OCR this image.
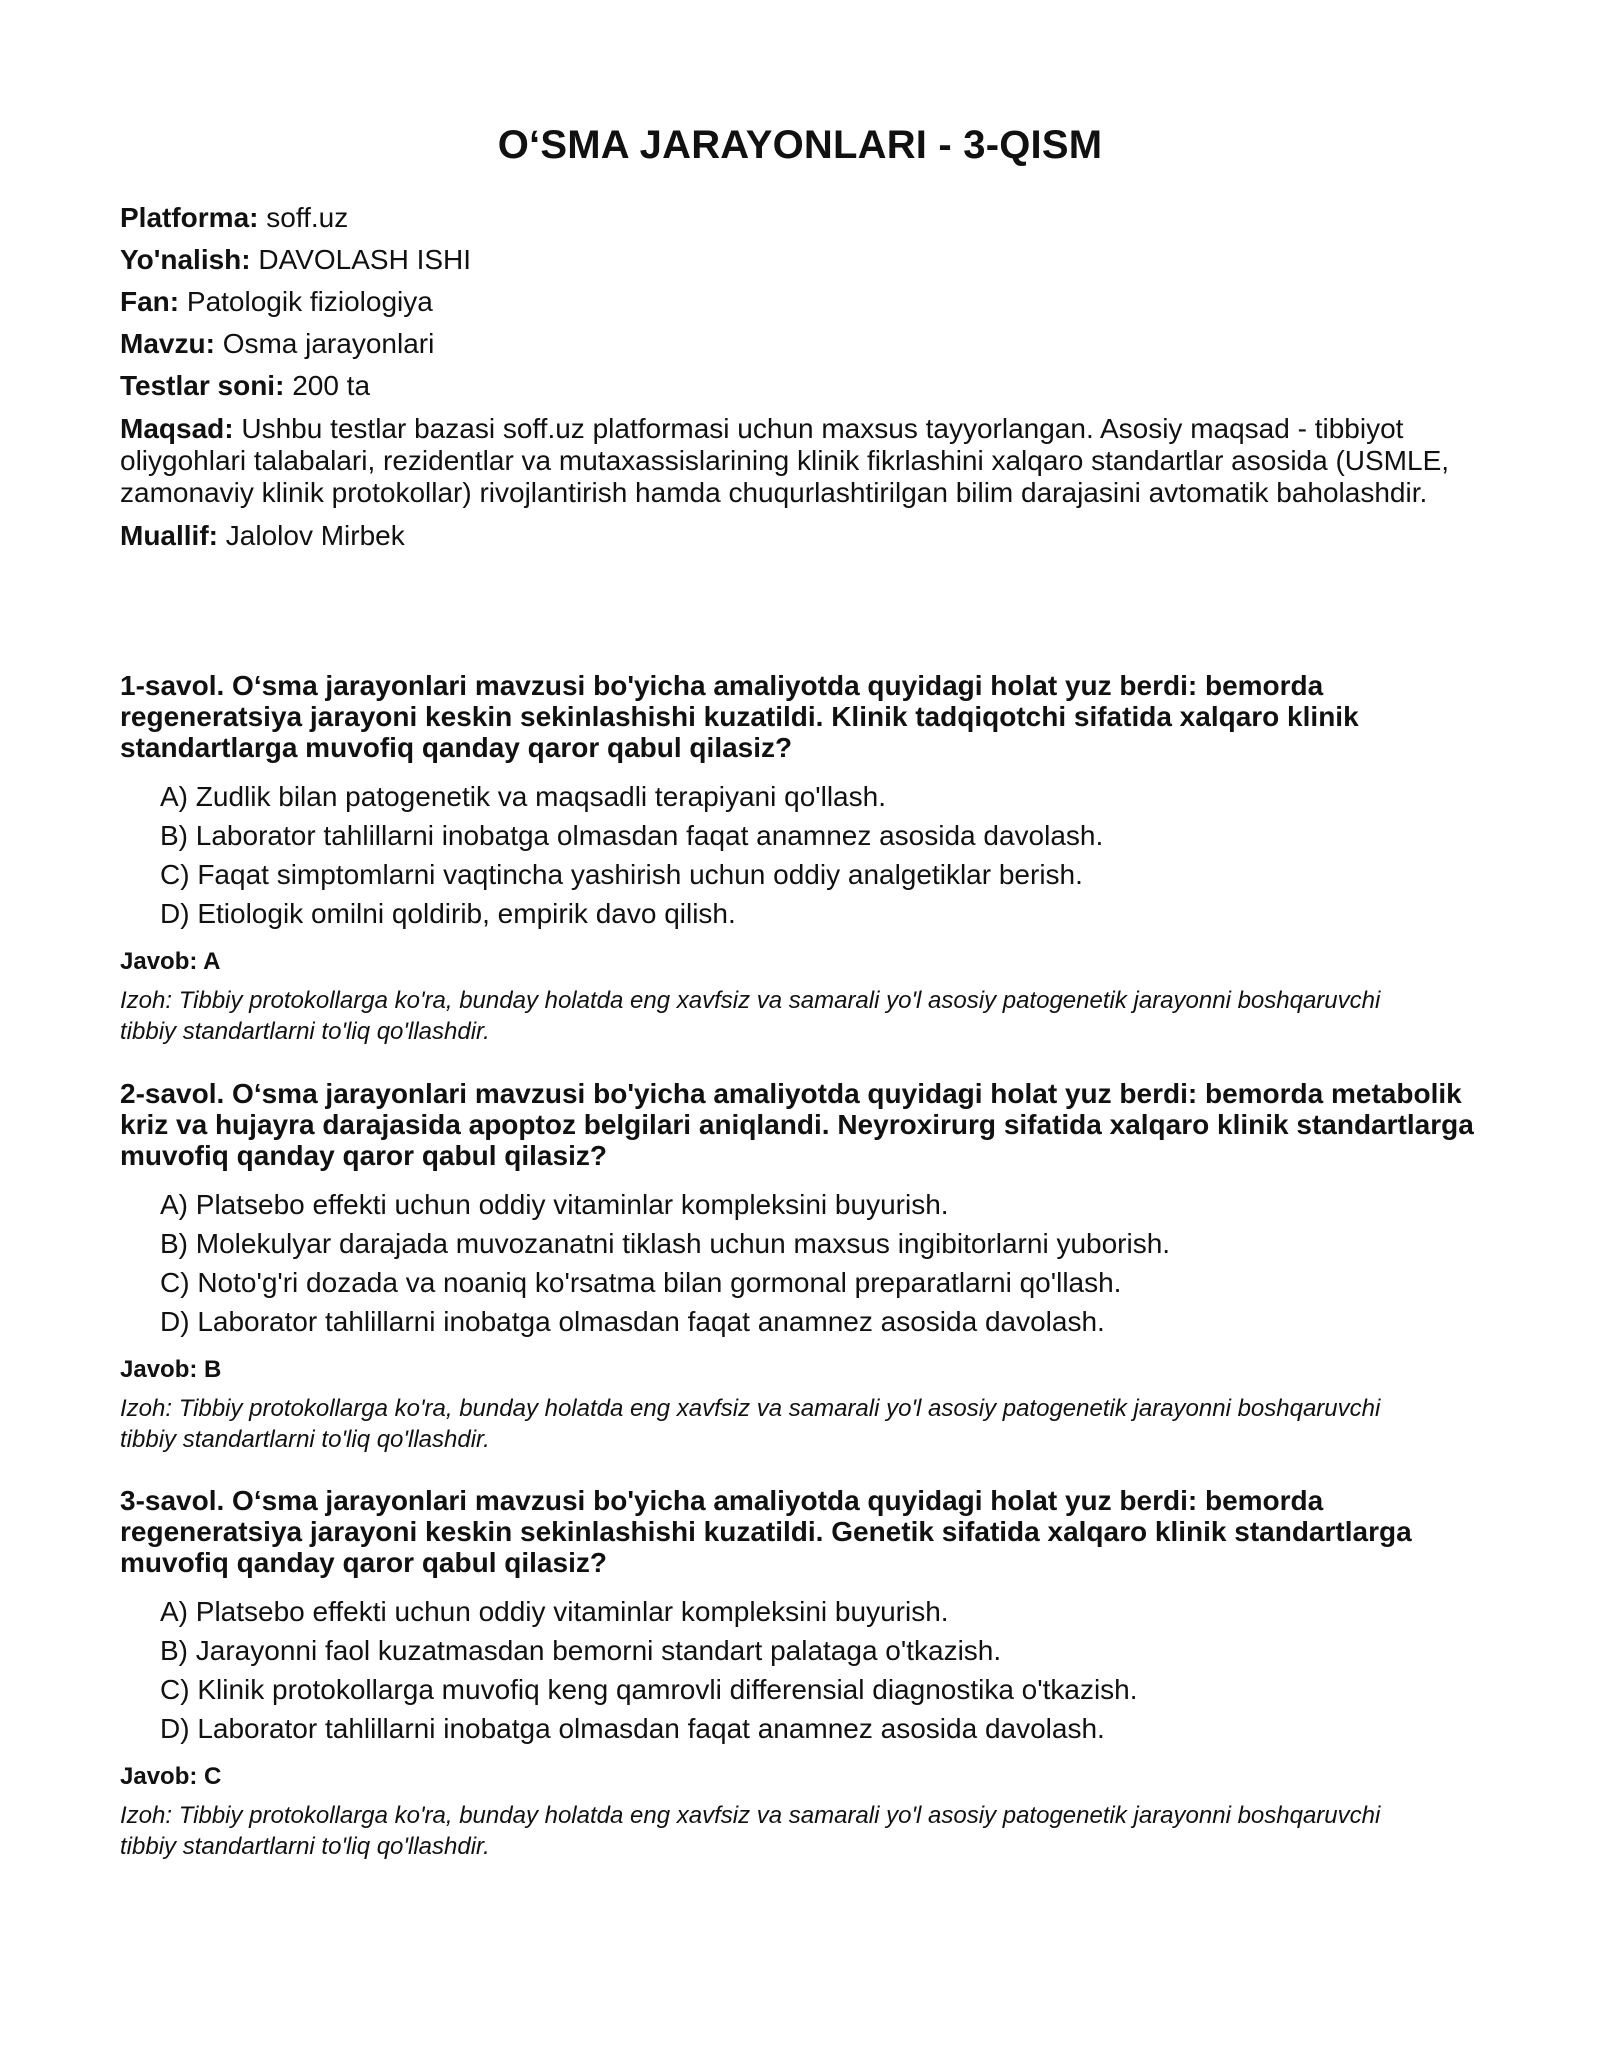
O‘SMA JARAYONLARI - 3-QISM

Platforma: soff.uz

Yo'nalish: DAVOLASH ISHI

Fan: Patologik fiziologiya

Mavzu: Osma jarayonlari

Testlar soni: 200 ta

Maqsad: Ushbu testlar bazasi soff.uz platformasi uchun maxsus tayyorlangan. Asosiy maqsad - tibbiyot oliygohlari talabalari, rezidentlar va mutaxassislarining klinik fikrlashini xalqaro standartlar asosida (USMLE, zamonaviy klinik protokollar) rivojlantirish hamda chuqurlashtirilgan bilim darajasini avtomatik baholashdir.

Muallif: Jalolov Mirbek

1-savol. O‘sma jarayonlari mavzusi bo'yicha amaliyotda quyidagi holat yuz berdi: bemorda regeneratsiya jarayoni keskin sekinlashishi kuzatildi. Klinik tadqiqotchi sifatida xalqaro klinik standartlarga muvofiq qanday qaror qabul qilasiz?

A) Zudlik bilan patogenetik va maqsadli terapiyani qo'llash.
B) Laborator tahlillarni inobatga olmasdan faqat anamnez asosida davolash.
C) Faqat simptomlarni vaqtincha yashirish uchun oddiy analgetiklar berish.
D) Etiologik omilni qoldirib, empirik davo qilish.

Javob: A

Izoh: Tibbiy protokollarga ko'ra, bunday holatda eng xavfsiz va samarali yo'l asosiy patogenetik jarayonni boshqaruvchi tibbiy standartlarni to'liq qo'llashdir.

2-savol. O‘sma jarayonlari mavzusi bo'yicha amaliyotda quyidagi holat yuz berdi: bemorda metabolik kriz va hujayra darajasida apoptoz belgilari aniqlandi. Neyroxirurg sifatida xalqaro klinik standartlarga muvofiq qanday qaror qabul qilasiz?

A) Platsebo effekti uchun oddiy vitaminlar kompleksini buyurish.
B) Molekulyar darajada muvozanatni tiklash uchun maxsus ingibitorlarni yuborish.
C) Noto'g'ri dozada va noaniq ko'rsatma bilan gormonal preparatlarni qo'llash.
D) Laborator tahlillarni inobatga olmasdan faqat anamnez asosida davolash.

Javob: B

Izoh: Tibbiy protokollarga ko'ra, bunday holatda eng xavfsiz va samarali yo'l asosiy patogenetik jarayonni boshqaruvchi tibbiy standartlarni to'liq qo'llashdir.

3-savol. O‘sma jarayonlari mavzusi bo'yicha amaliyotda quyidagi holat yuz berdi: bemorda regeneratsiya jarayoni keskin sekinlashishi kuzatildi. Genetik sifatida xalqaro klinik standartlarga muvofiq qanday qaror qabul qilasiz?

A) Platsebo effekti uchun oddiy vitaminlar kompleksini buyurish.
B) Jarayonni faol kuzatmasdan bemorni standart palataga o'tkazish.
C) Klinik protokollarga muvofiq keng qamrovli differensial diagnostika o'tkazish.
D) Laborator tahlillarni inobatga olmasdan faqat anamnez asosida davolash.

Javob: C

Izoh: Tibbiy protokollarga ko'ra, bunday holatda eng xavfsiz va samarali yo'l asosiy patogenetik jarayonni boshqaruvchi tibbiy standartlarni to'liq qo'llashdir.
